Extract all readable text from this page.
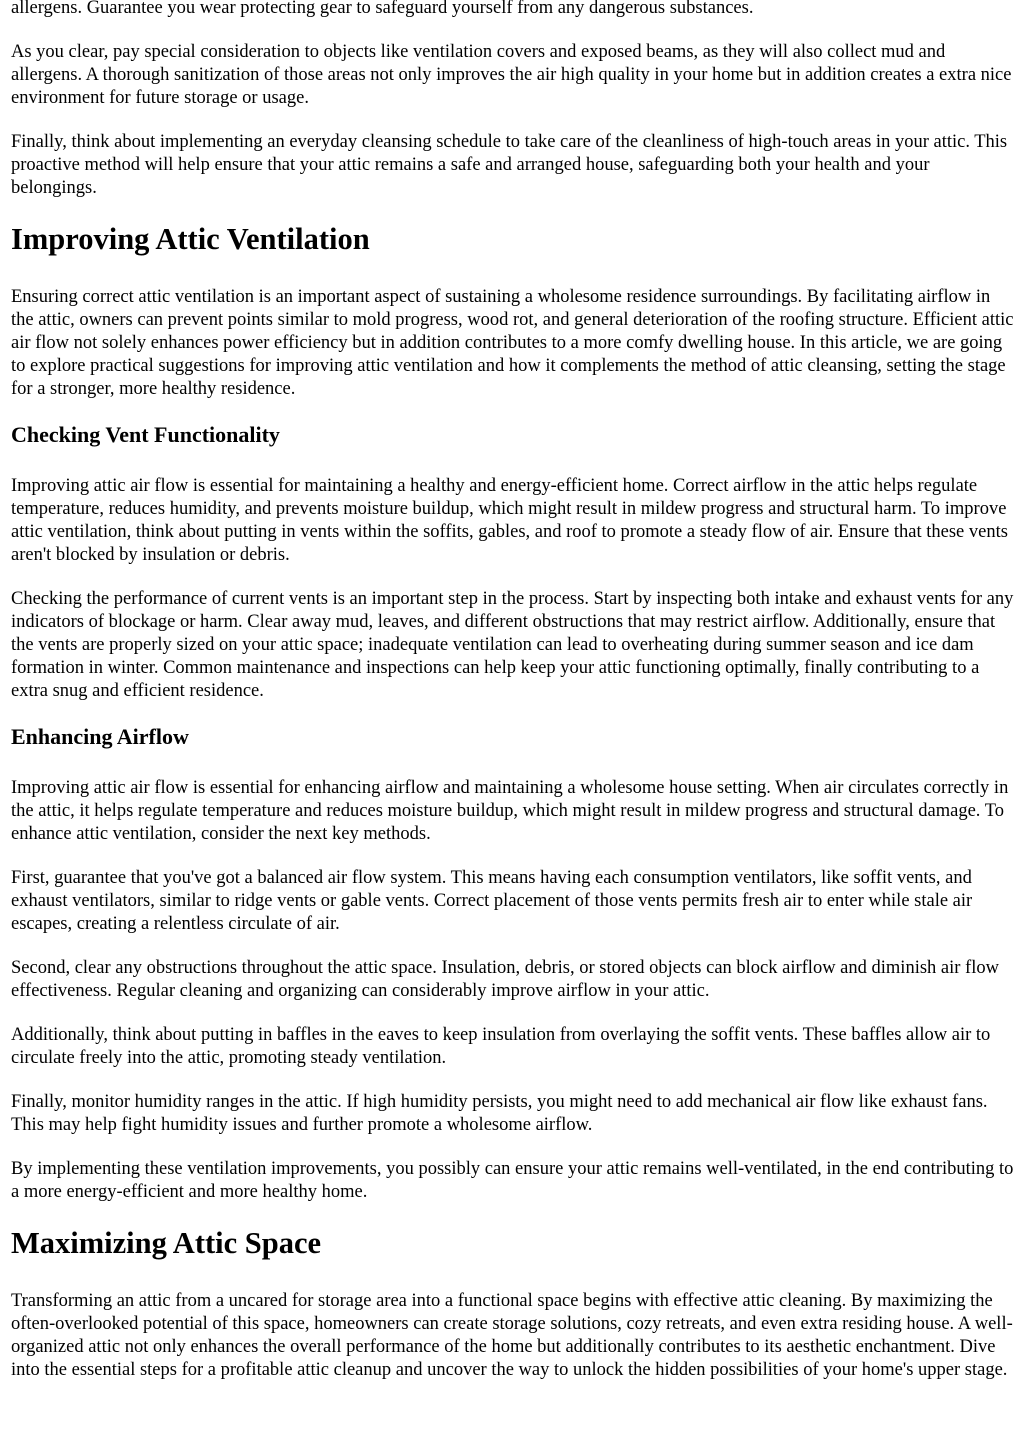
allergens. Guarantee you wear protecting gear to safeguard yourself from any dangerous substances.

As you clear, pay special consideration to objects like ventilation covers and exposed beams, as they will also collect mud and allergens. A thorough sanitization of those areas not only improves the air high quality in your home but in addition creates a extra nice environment for future storage or usage.

Finally, think about implementing an everyday cleansing schedule to take care of the cleanliness of high-touch areas in your attic. This proactive method will help ensure that your attic remains a safe and arranged house, safeguarding both your health and your belongings.

Improving Attic Ventilation

Ensuring correct attic ventilation is an important aspect of sustaining a wholesome residence surroundings. By facilitating airflow in the attic, owners can prevent points similar to mold progress, wood rot, and general deterioration of the roofing structure. Efficient attic air flow not solely enhances power efficiency but in addition contributes to a more comfy dwelling house. In this article, we are going to explore practical suggestions for improving attic ventilation and how it complements the method of attic cleansing, setting the stage for a stronger, more healthy residence.

Checking Vent Functionality

Improving attic air flow is essential for maintaining a healthy and energy-efficient home. Correct airflow in the attic helps regulate temperature, reduces humidity, and prevents moisture buildup, which might result in mildew progress and structural harm. To improve attic ventilation, think about putting in vents within the soffits, gables, and roof to promote a steady flow of air. Ensure that these vents aren't blocked by insulation or debris.

Checking the performance of current vents is an important step in the process. Start by inspecting both intake and exhaust vents for any indicators of blockage or harm. Clear away mud, leaves, and different obstructions that may restrict airflow. Additionally, ensure that the vents are properly sized on your attic space; inadequate ventilation can lead to overheating during summer season and ice dam formation in winter. Common maintenance and inspections can help keep your attic functioning optimally, finally contributing to a extra snug and efficient residence.

Enhancing Airflow

Improving attic air flow is essential for enhancing airflow and maintaining a wholesome house setting. When air circulates correctly in the attic, it helps regulate temperature and reduces moisture buildup, which might result in mildew progress and structural damage. To enhance attic ventilation, consider the next key methods.

First, guarantee that you've got a balanced air flow system. This means having each consumption ventilators, like soffit vents, and exhaust ventilators, similar to ridge vents or gable vents. Correct placement of those vents permits fresh air to enter while stale air escapes, creating a relentless circulate of air.

Second, clear any obstructions throughout the attic space. Insulation, debris, or stored objects can block airflow and diminish air flow effectiveness. Regular cleaning and organizing can considerably improve airflow in your attic.

Additionally, think about putting in baffles in the eaves to keep insulation from overlaying the soffit vents. These baffles allow air to circulate freely into the attic, promoting steady ventilation.

Finally, monitor humidity ranges in the attic. If high humidity persists, you might need to add mechanical air flow like exhaust fans. This may help fight humidity issues and further promote a wholesome airflow.

By implementing these ventilation improvements, you possibly can ensure your attic remains well-ventilated, in the end contributing to a more energy-efficient and more healthy home.

Maximizing Attic Space

Transforming an attic from a uncared for storage area into a functional space begins with effective attic cleaning. By maximizing the often-overlooked potential of this space, homeowners can create storage solutions, cozy retreats, and even extra residing house. A well-organized attic not only enhances the overall performance of the home but additionally contributes to its aesthetic enchantment. Dive into the essential steps for a profitable attic cleanup and uncover the way to unlock the hidden possibilities of your home's upper stage.
